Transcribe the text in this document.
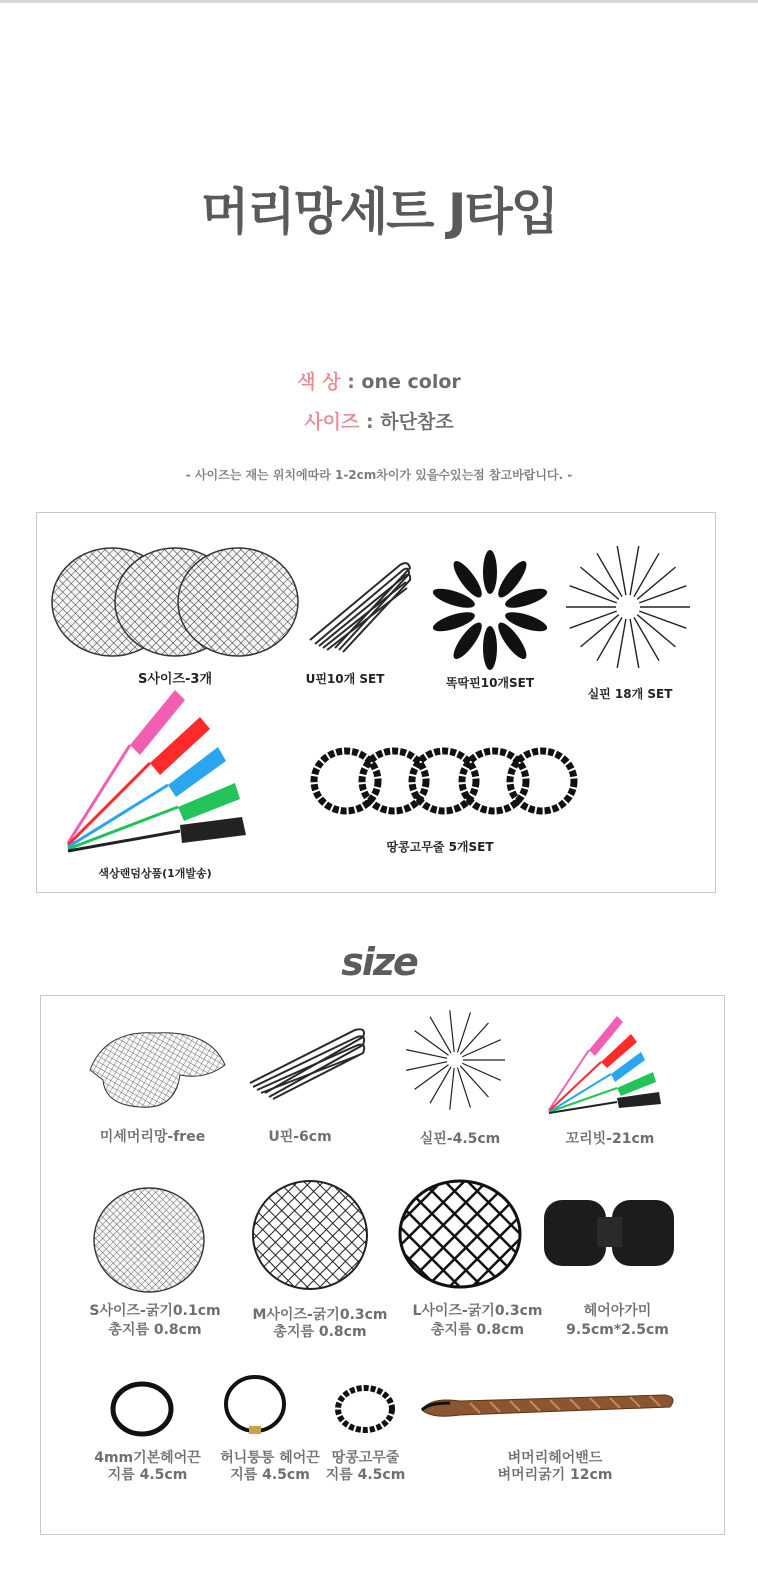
머리망세트 J타입
색 상 : one color
사이즈 : 하단참조
- 사이즈는 재는 위치에따라 1-2cm차이가 있을수있는점 참고바랍니다. -
S사이즈-3개	U핀10개 SET	똑딱핀10개SET
실핀 18개 SET
색상랜덤상품(1개발송)
땅콩고무줄 5개SET
size
미세머리망-free	U핀-6cm	실핀-4.5cm	꼬리빗-21cm
S사이즈-굵기0.1cm
총지름 0.8cm
M사이즈-굵기0.3cm
총지름 0.8cm
L사이즈-굵기0.3cm
총지름 0.8cm
헤어아가미
9.5cm*2.5cm
4mm기본헤어끈
지름 4.5cm
허니퉁퉁 헤어끈
지름 4.5cm
땅콩고무줄
지름 4.5cm
벼머리헤어밴드
벼머리굵기 12cm
